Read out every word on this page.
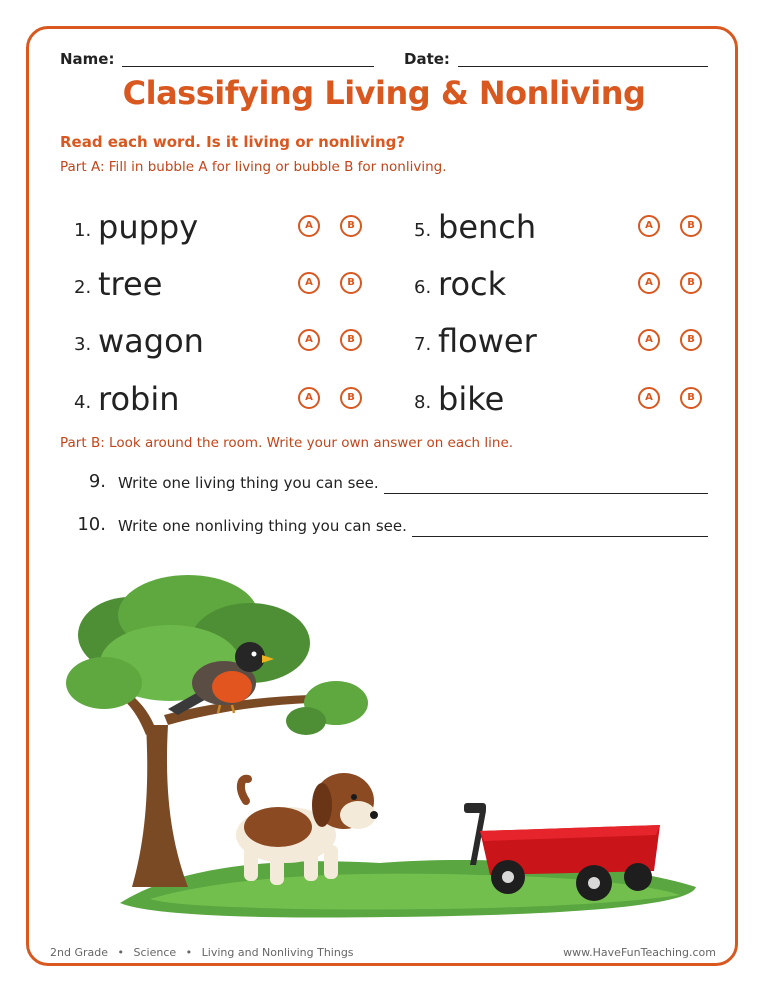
Name:	Date:
Classifying Living & Nonliving
Read each word. Is it living or nonliving?
Part A: Fill in bubble A for living or bubble B for nonliving.
1. puppy	A	B
2. tree	A	B
3. wagon	A	B
4. robin	A	B
5. bench	A	B
6. rock	A	B
7. flower	A	B
8. bike	A	B
Part B: Look around the room. Write your own answer on each line.
9. Write one living thing you can see.
10. Write one nonliving thing you can see.
2nd Grade • Science • Living and Nonliving Things	www.HaveFunTeaching.com
